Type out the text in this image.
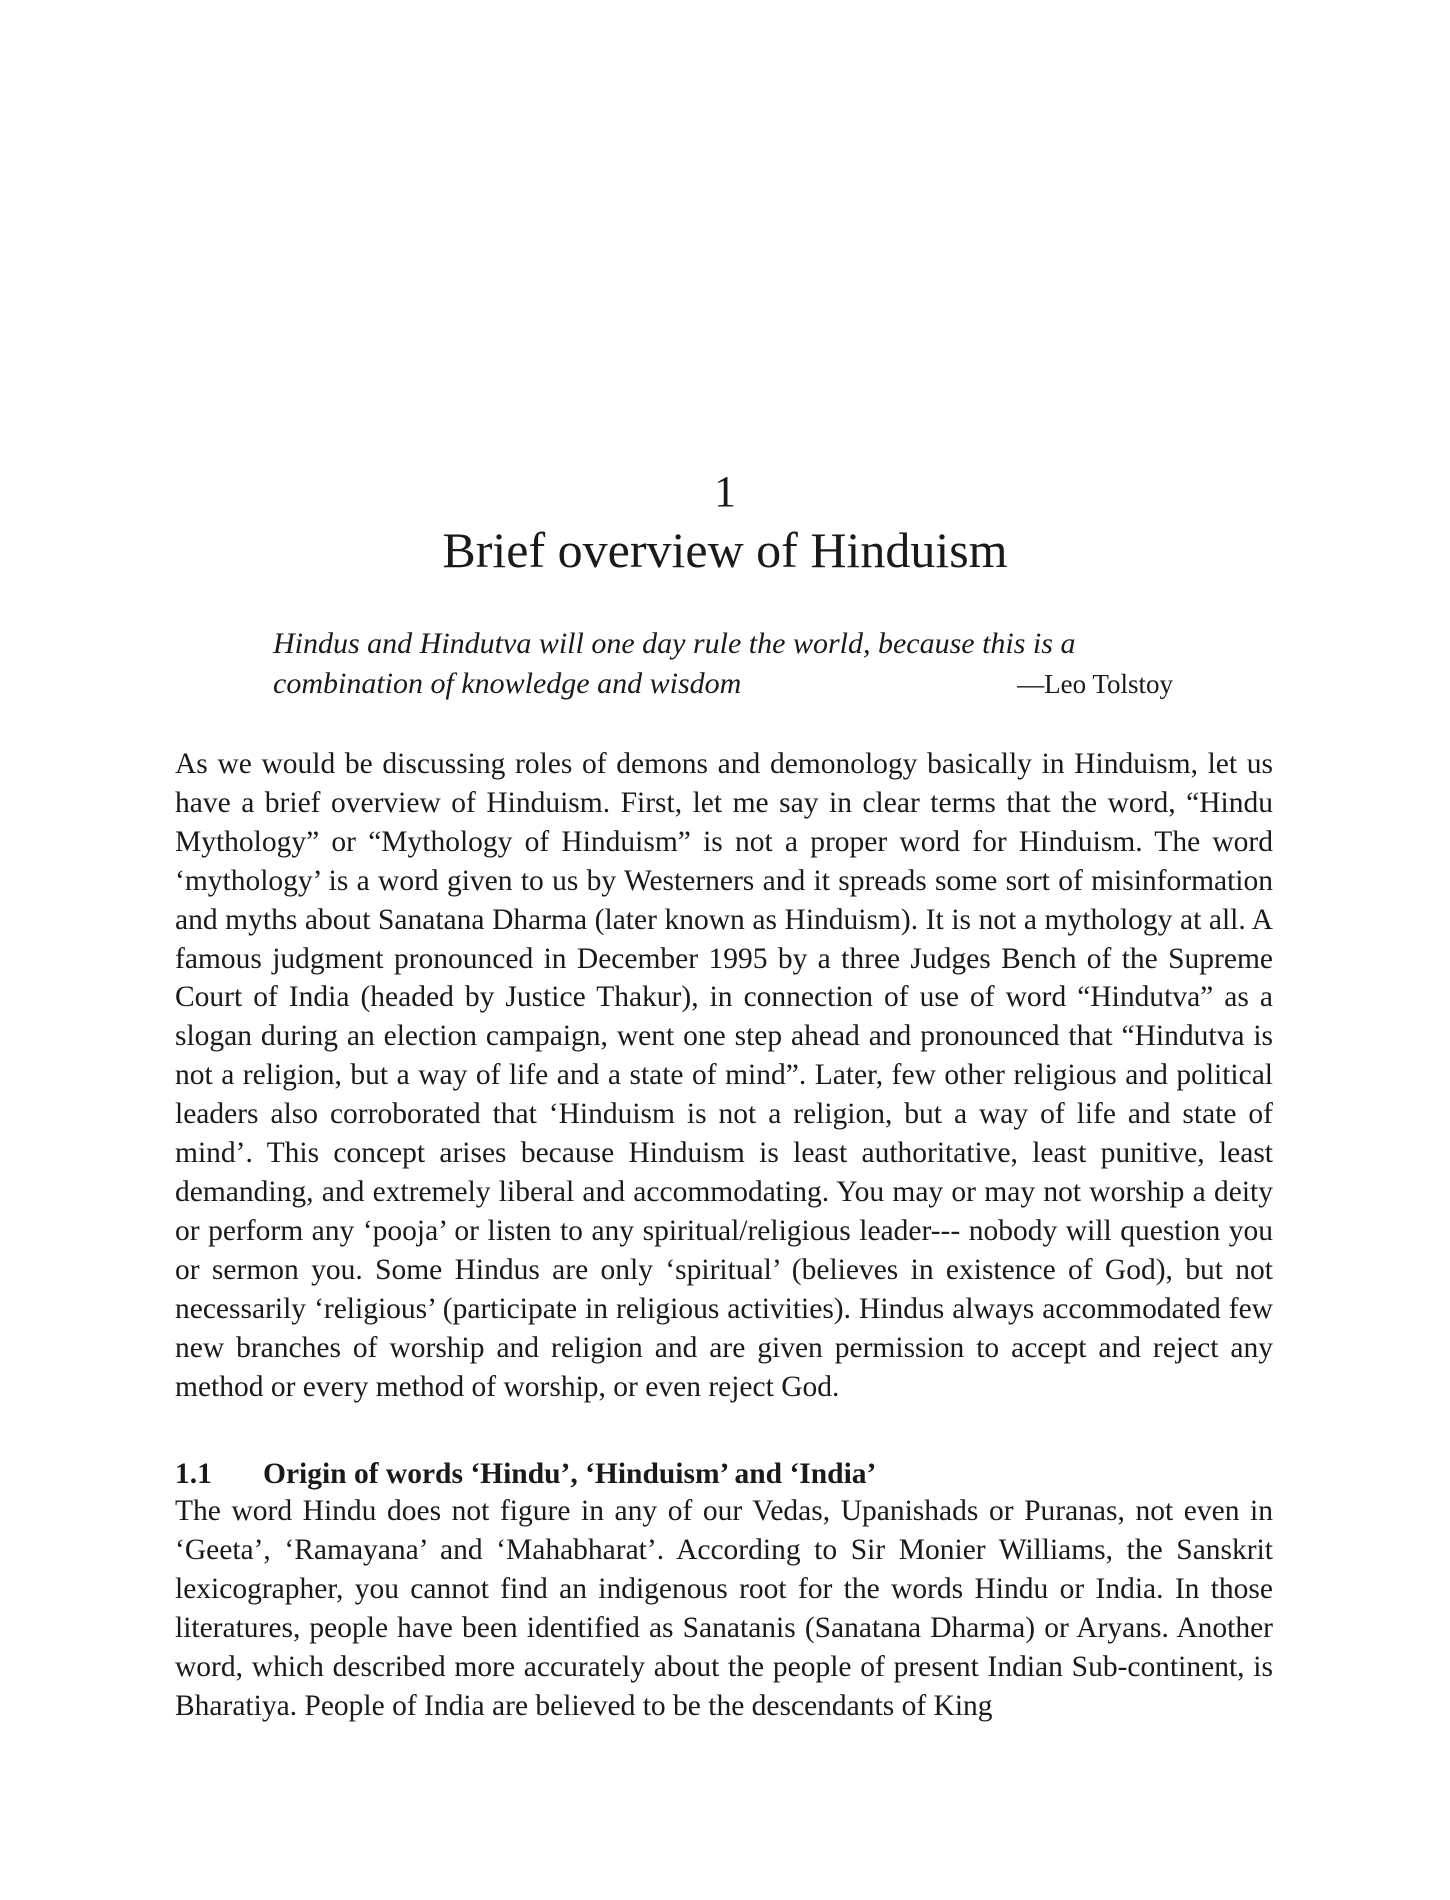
1
Brief overview of Hinduism
Hindus and Hindutva will one day rule the world, because this is a
combination of knowledge and wisdom	—Leo Tolstoy

As we would be discussing roles of demons and demonology basically in Hinduism, let us have a brief overview of Hinduism. First, let me say in clear terms that the word, “Hindu Mythology” or “Mythology of Hinduism” is not a proper word for Hinduism. The word ‘mythology’ is a word given to us by Westerners and it spreads some sort of misinformation and myths about Sanatana Dharma (later known as Hinduism). It is not a mythology at all. A famous judgment pronounced in December 1995 by a three Judges Bench of the Supreme Court of India (headed by Justice Thakur), in connection of use of word “Hindutva” as a slogan during an election campaign, went one step ahead and pronounced that “Hindutva is not a religion, but a way of life and a state of mind”. Later, few other religious and political leaders also corroborated that ‘Hinduism is not a religion, but a way of life and state of mind’. This concept arises because Hinduism is least authoritative, least punitive, least demanding, and extremely liberal and accommodating. You may or may not worship a deity or perform any ‘pooja’ or listen to any spiritual/religious leader--- nobody will question you or sermon you. Some Hindus are only ‘spiritual’ (believes in existence of God), but not necessarily ‘religious’ (participate in religious activities). Hindus always accommodated few new branches of worship and religion and are given permission to accept and reject any method or every method of worship, or even reject God.

1.1 Origin of words ‘Hindu’, ‘Hinduism’ and ‘India’

The word Hindu does not figure in any of our Vedas, Upanishads or Puranas, not even in ‘Geeta’, ‘Ramayana’ and ‘Mahabharat’. According to Sir Monier Williams, the Sanskrit lexicographer, you cannot find an indigenous root for the words Hindu or India. In those literatures, people have been identified as Sanatanis (Sanatana Dharma) or Aryans. Another word, which described more accurately about the people of present Indian Sub-continent, is Bharatiya. People of India are believed to be the descendants of King
